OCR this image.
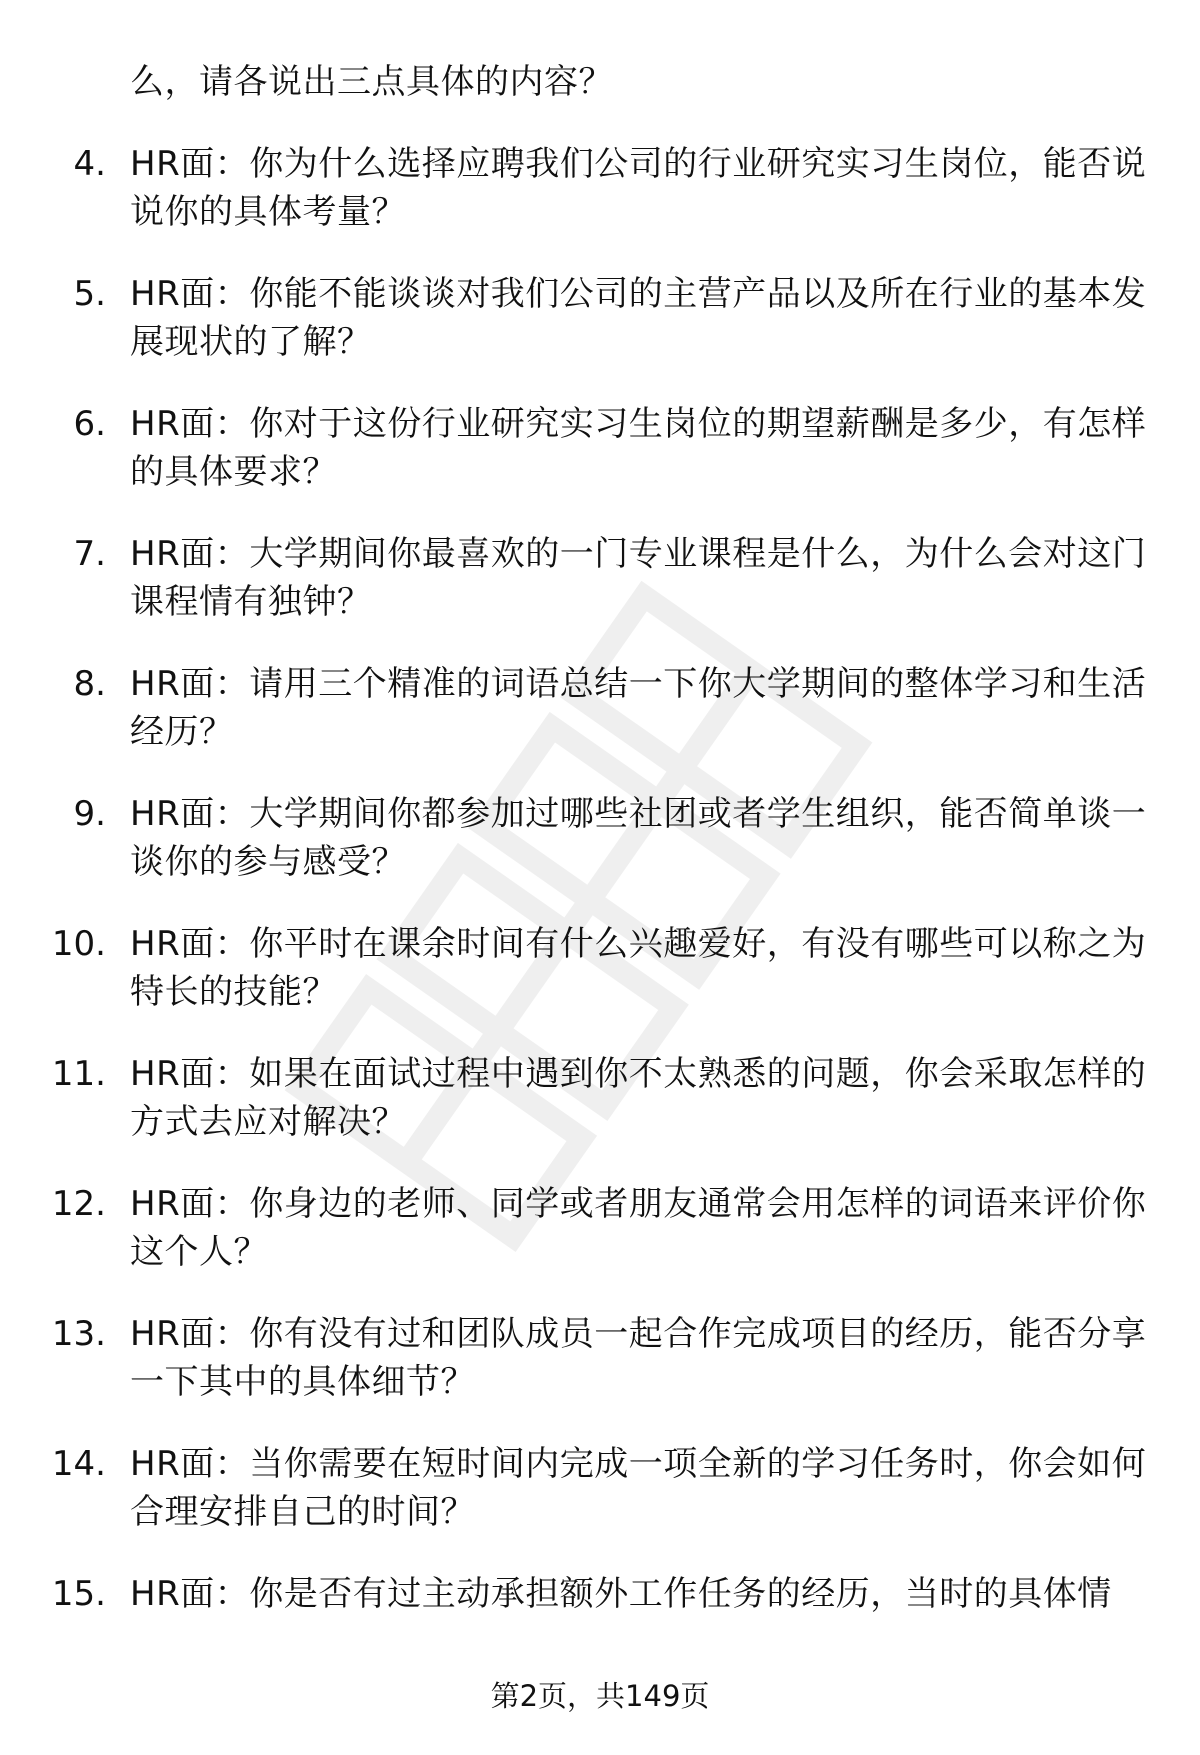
么，请各说出三点具体的内容？
4. HR面：你为什么选择应聘我们公司的行业研究实习生岗位，能否说说你的具体考量？
5. HR面：你能不能谈谈对我们公司的主营产品以及所在行业的基本发展现状的了解？
6. HR面：你对于这份行业研究实习生岗位的期望薪酬是多少，有怎样的具体要求？
7. HR面：大学期间你最喜欢的一门专业课程是什么，为什么会对这门课程情有独钟？
8. HR面：请用三个精准的词语总结一下你大学期间的整体学习和生活经历？
9. HR面：大学期间你都参加过哪些社团或者学生组织，能否简单谈一谈你的参与感受？
10. HR面：你平时在课余时间有什么兴趣爱好，有没有哪些可以称之为特长的技能？
11. HR面：如果在面试过程中遇到你不太熟悉的问题，你会采取怎样的方式去应对解决？
12. HR面：你身边的老师、同学或者朋友通常会用怎样的词语来评价你这个人？
13. HR面：你有没有过和团队成员一起合作完成项目的经历，能否分享一下其中的具体细节？
14. HR面：当你需要在短时间内完成一项全新的学习任务时，你会如何合理安排自己的时间？
15. HR面：你是否有过主动承担额外工作任务的经历，当时的具体情
第2页，共149页
